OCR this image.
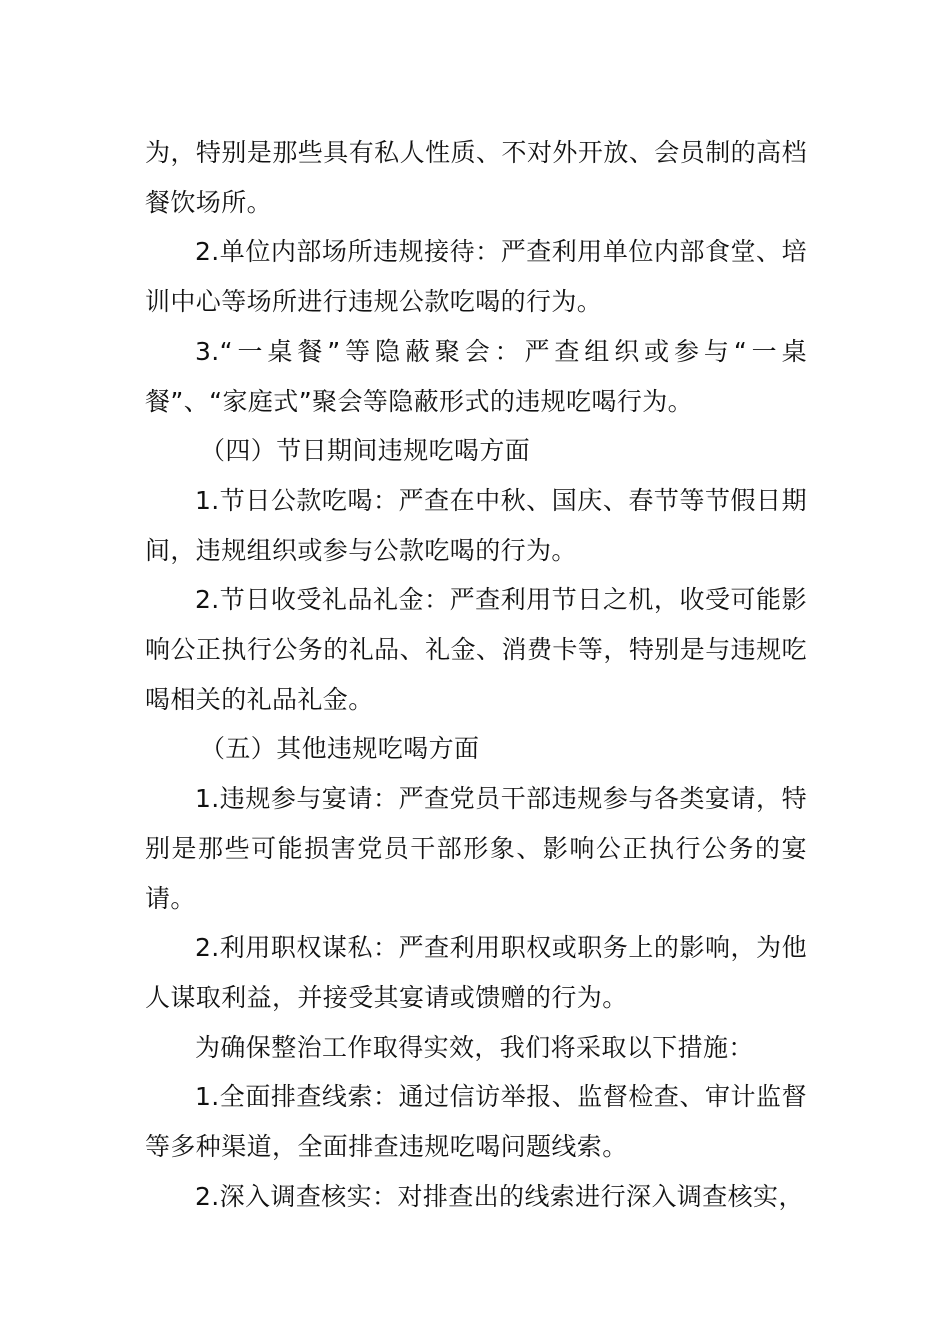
为，特别是那些具有私人性质、不对外开放、会员制的高档餐饮场所。

2.单位内部场所违规接待：严查利用单位内部食堂、培训中心等场所进行违规公款吃喝的行为。

3.“一桌餐”等隐蔽聚会：严查组织或参与“一桌餐”、“家庭式”聚会等隐蔽形式的违规吃喝行为。

（四）节日期间违规吃喝方面

1.节日公款吃喝：严查在中秋、国庆、春节等节假日期间，违规组织或参与公款吃喝的行为。

2.节日收受礼品礼金：严查利用节日之机，收受可能影响公正执行公务的礼品、礼金、消费卡等，特别是与违规吃喝相关的礼品礼金。

（五）其他违规吃喝方面

1.违规参与宴请：严查党员干部违规参与各类宴请，特别是那些可能损害党员干部形象、影响公正执行公务的宴请。

2.利用职权谋私：严查利用职权或职务上的影响，为他人谋取利益，并接受其宴请或馈赠的行为。

为确保整治工作取得实效，我们将采取以下措施：

1.全面排查线索：通过信访举报、监督检查、审计监督等多种渠道，全面排查违规吃喝问题线索。

2.深入调查核实：对排查出的线索进行深入调查核实，
